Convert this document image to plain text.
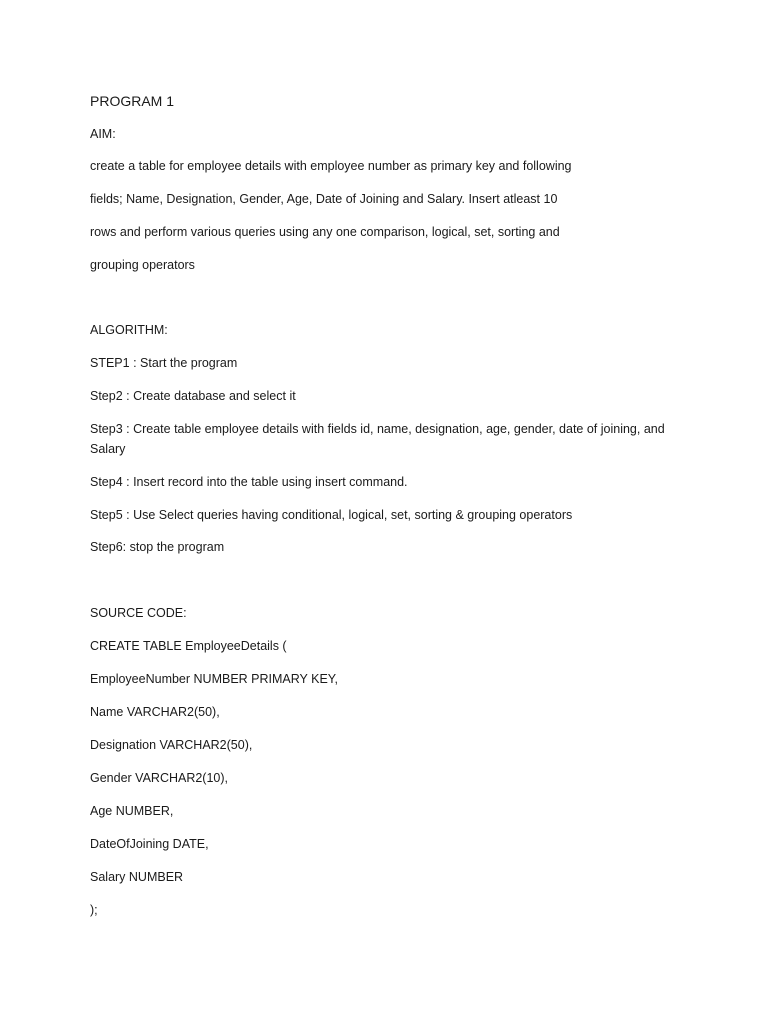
PROGRAM 1
AIM:
create a table for employee details with employee number as primary key and following
fields; Name, Designation, Gender, Age, Date of Joining and Salary. Insert atleast 10
rows and perform various queries using any one comparison, logical, set, sorting and
grouping operators
ALGORITHM:
STEP1 : Start the program
Step2 : Create database and select it
Step3 : Create table employee details with fields id, name, designation, age, gender, date of joining, and Salary
Step4 : Insert record into the table using insert command.
Step5 : Use Select queries having conditional, logical, set, sorting & grouping operators
Step6: stop the program
SOURCE CODE:
CREATE TABLE EmployeeDetails (
EmployeeNumber NUMBER PRIMARY KEY,
Name VARCHAR2(50),
Designation VARCHAR2(50),
Gender VARCHAR2(10),
Age NUMBER,
DateOfJoining DATE,
Salary NUMBER
);
